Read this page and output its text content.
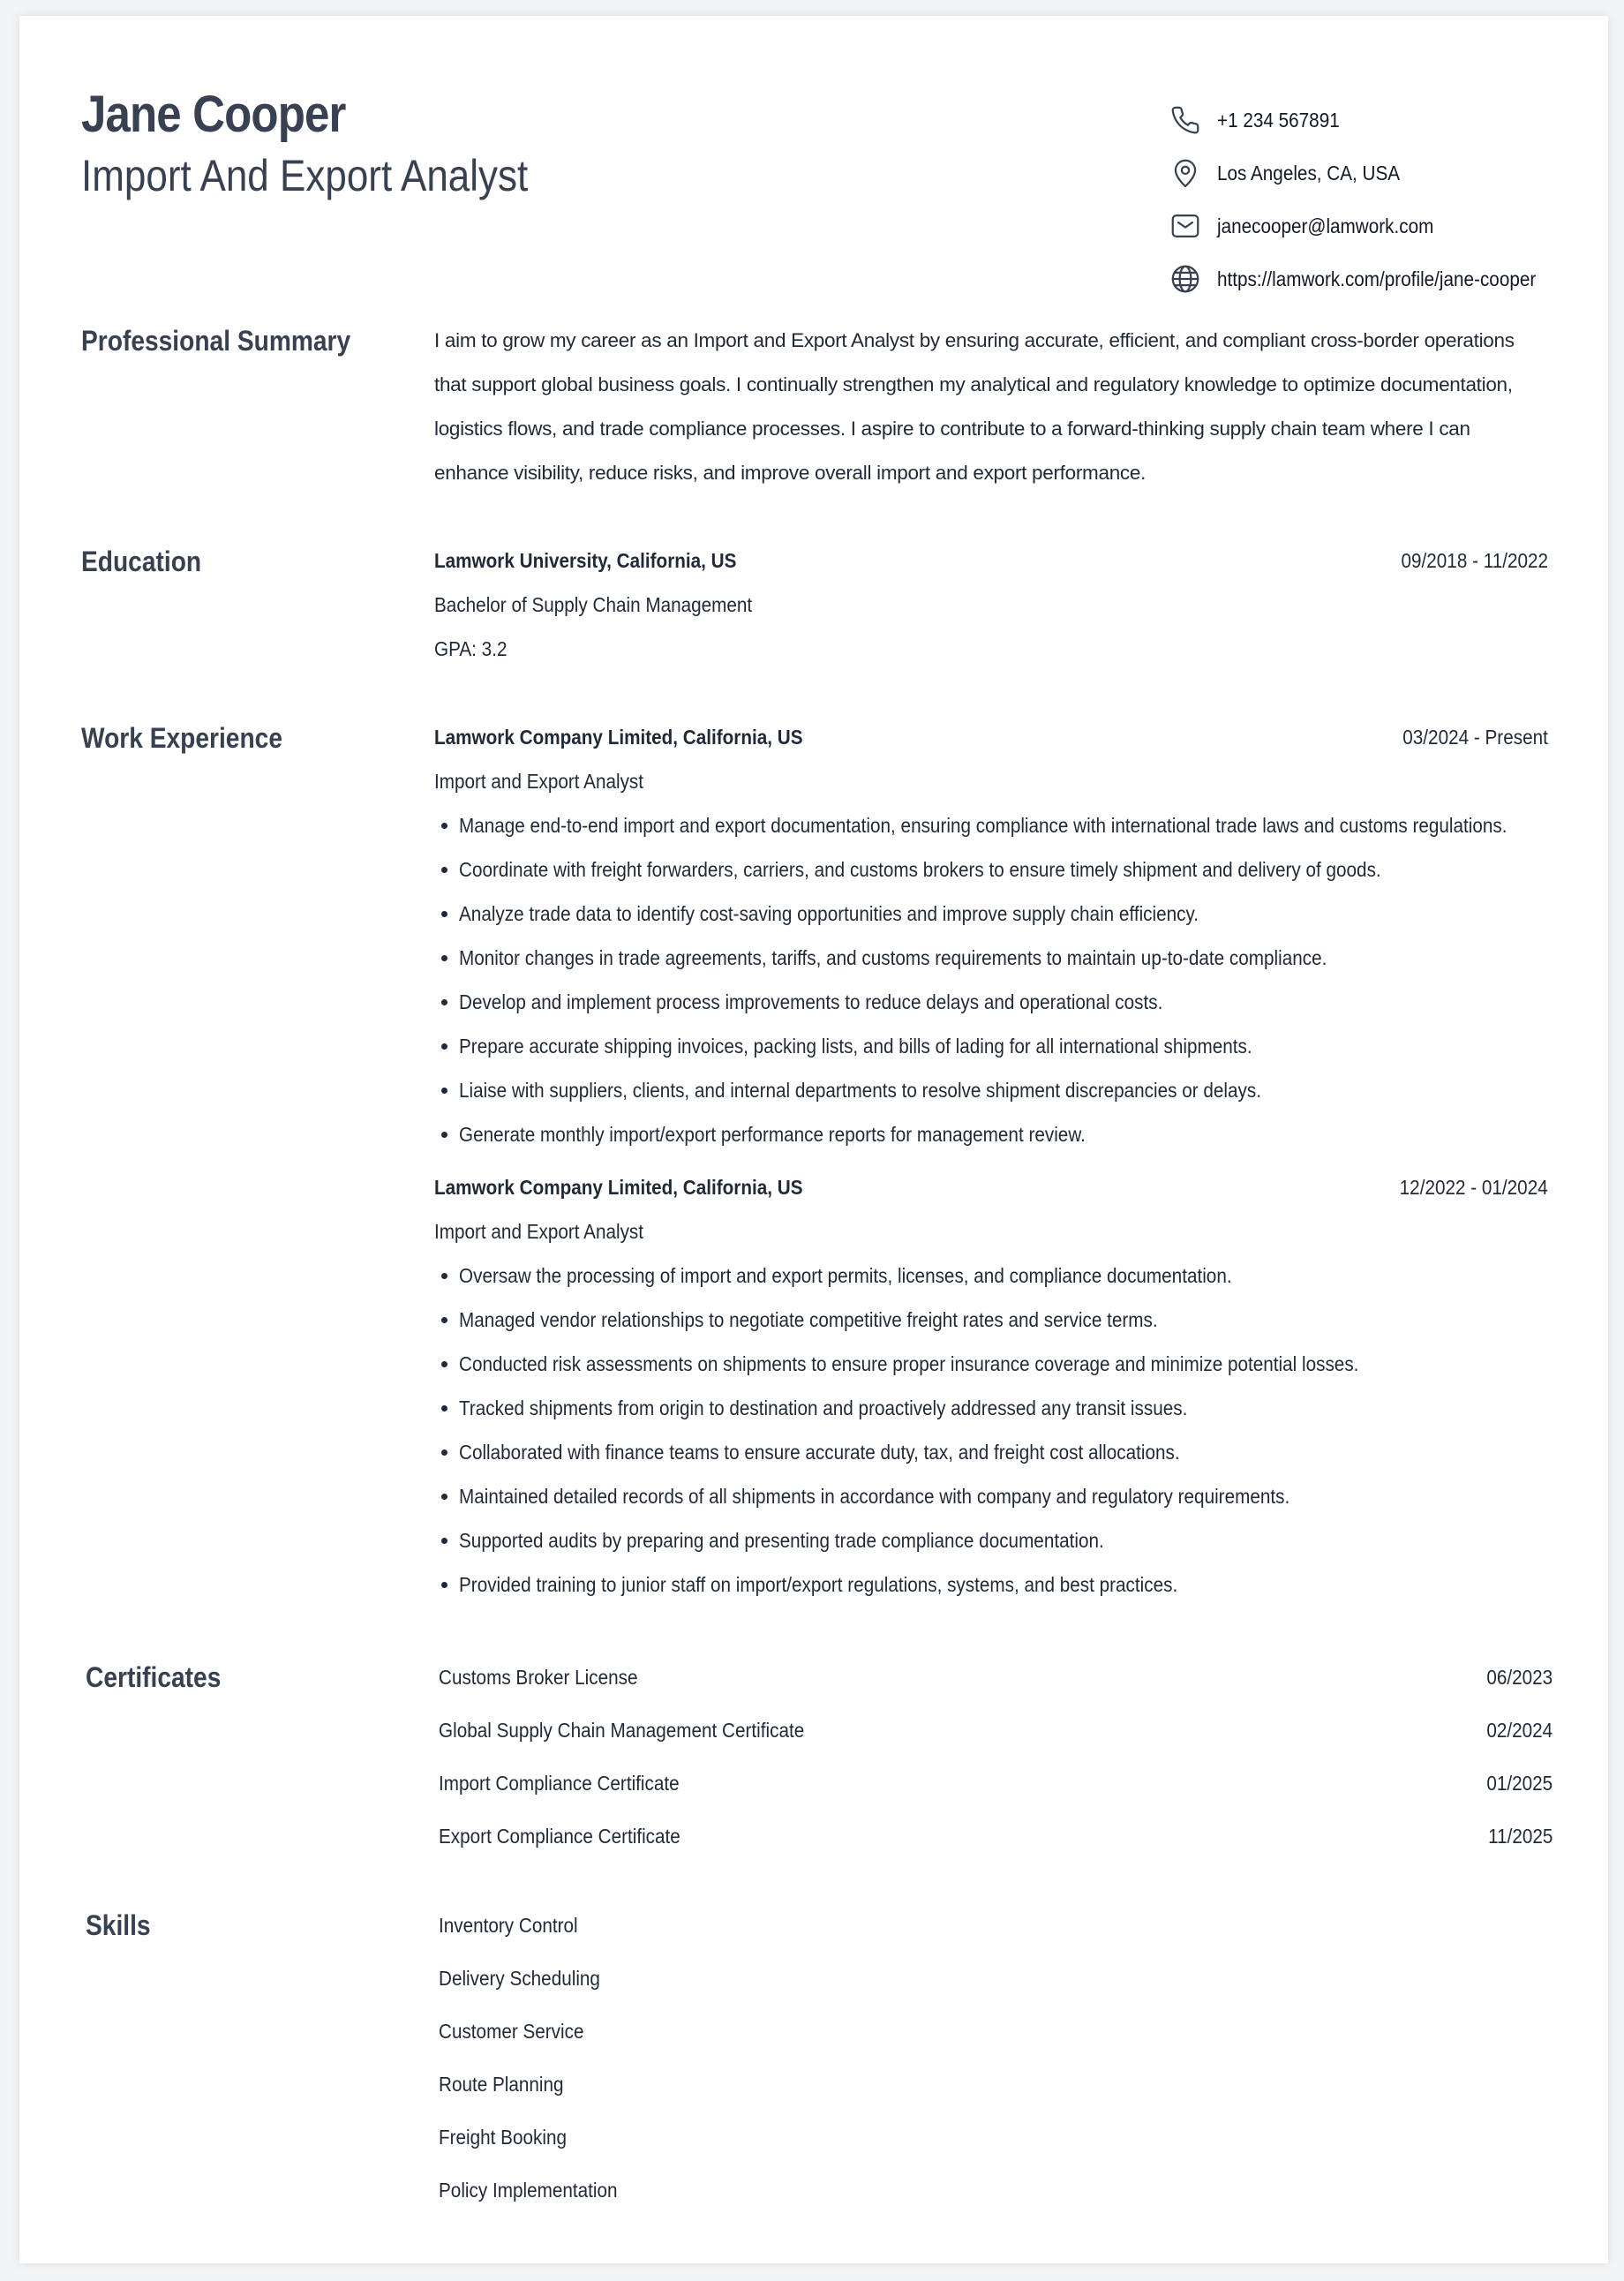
Jane Cooper
Import And Export Analyst
+1 234 567891
Los Angeles, CA, USA
janecooper@lamwork.com
https://lamwork.com/profile/jane-cooper
Professional Summary	I aim to grow my career as an Import and Export Analyst by ensuring accurate, efficient, and compliant cross-border operations that support global business goals. I continually strengthen my analytical and regulatory knowledge to optimize documentation, logistics flows, and trade compliance processes. I aspire to contribute to a forward-thinking supply chain team where I can enhance visibility, reduce risks, and improve overall import and export performance.
Education	Lamwork University, California, US	09/2018 - 11/2022
Bachelor of Supply Chain Management
GPA: 3.2
Work Experience	Lamwork Company Limited, California, US	03/2024 - Present
Import and Export Analyst
Manage end-to-end import and export documentation, ensuring compliance with international trade laws and customs regulations.
Coordinate with freight forwarders, carriers, and customs brokers to ensure timely shipment and delivery of goods.
Analyze trade data to identify cost-saving opportunities and improve supply chain efficiency.
Monitor changes in trade agreements, tariffs, and customs requirements to maintain up-to-date compliance.
Develop and implement process improvements to reduce delays and operational costs.
Prepare accurate shipping invoices, packing lists, and bills of lading for all international shipments.
Liaise with suppliers, clients, and internal departments to resolve shipment discrepancies or delays.
Generate monthly import/export performance reports for management review.
Lamwork Company Limited, California, US	12/2022 - 01/2024
Import and Export Analyst
Oversaw the processing of import and export permits, licenses, and compliance documentation.
Managed vendor relationships to negotiate competitive freight rates and service terms.
Conducted risk assessments on shipments to ensure proper insurance coverage and minimize potential losses.
Tracked shipments from origin to destination and proactively addressed any transit issues.
Collaborated with finance teams to ensure accurate duty, tax, and freight cost allocations.
Maintained detailed records of all shipments in accordance with company and regulatory requirements.
Supported audits by preparing and presenting trade compliance documentation.
Provided training to junior staff on import/export regulations, systems, and best practices.
Certificates	Customs Broker License	06/2023
Global Supply Chain Management Certificate	02/2024
Import Compliance Certificate	01/2025
Export Compliance Certificate	11/2025
Skills	Inventory Control
Delivery Scheduling
Customer Service
Route Planning
Freight Booking
Policy Implementation
